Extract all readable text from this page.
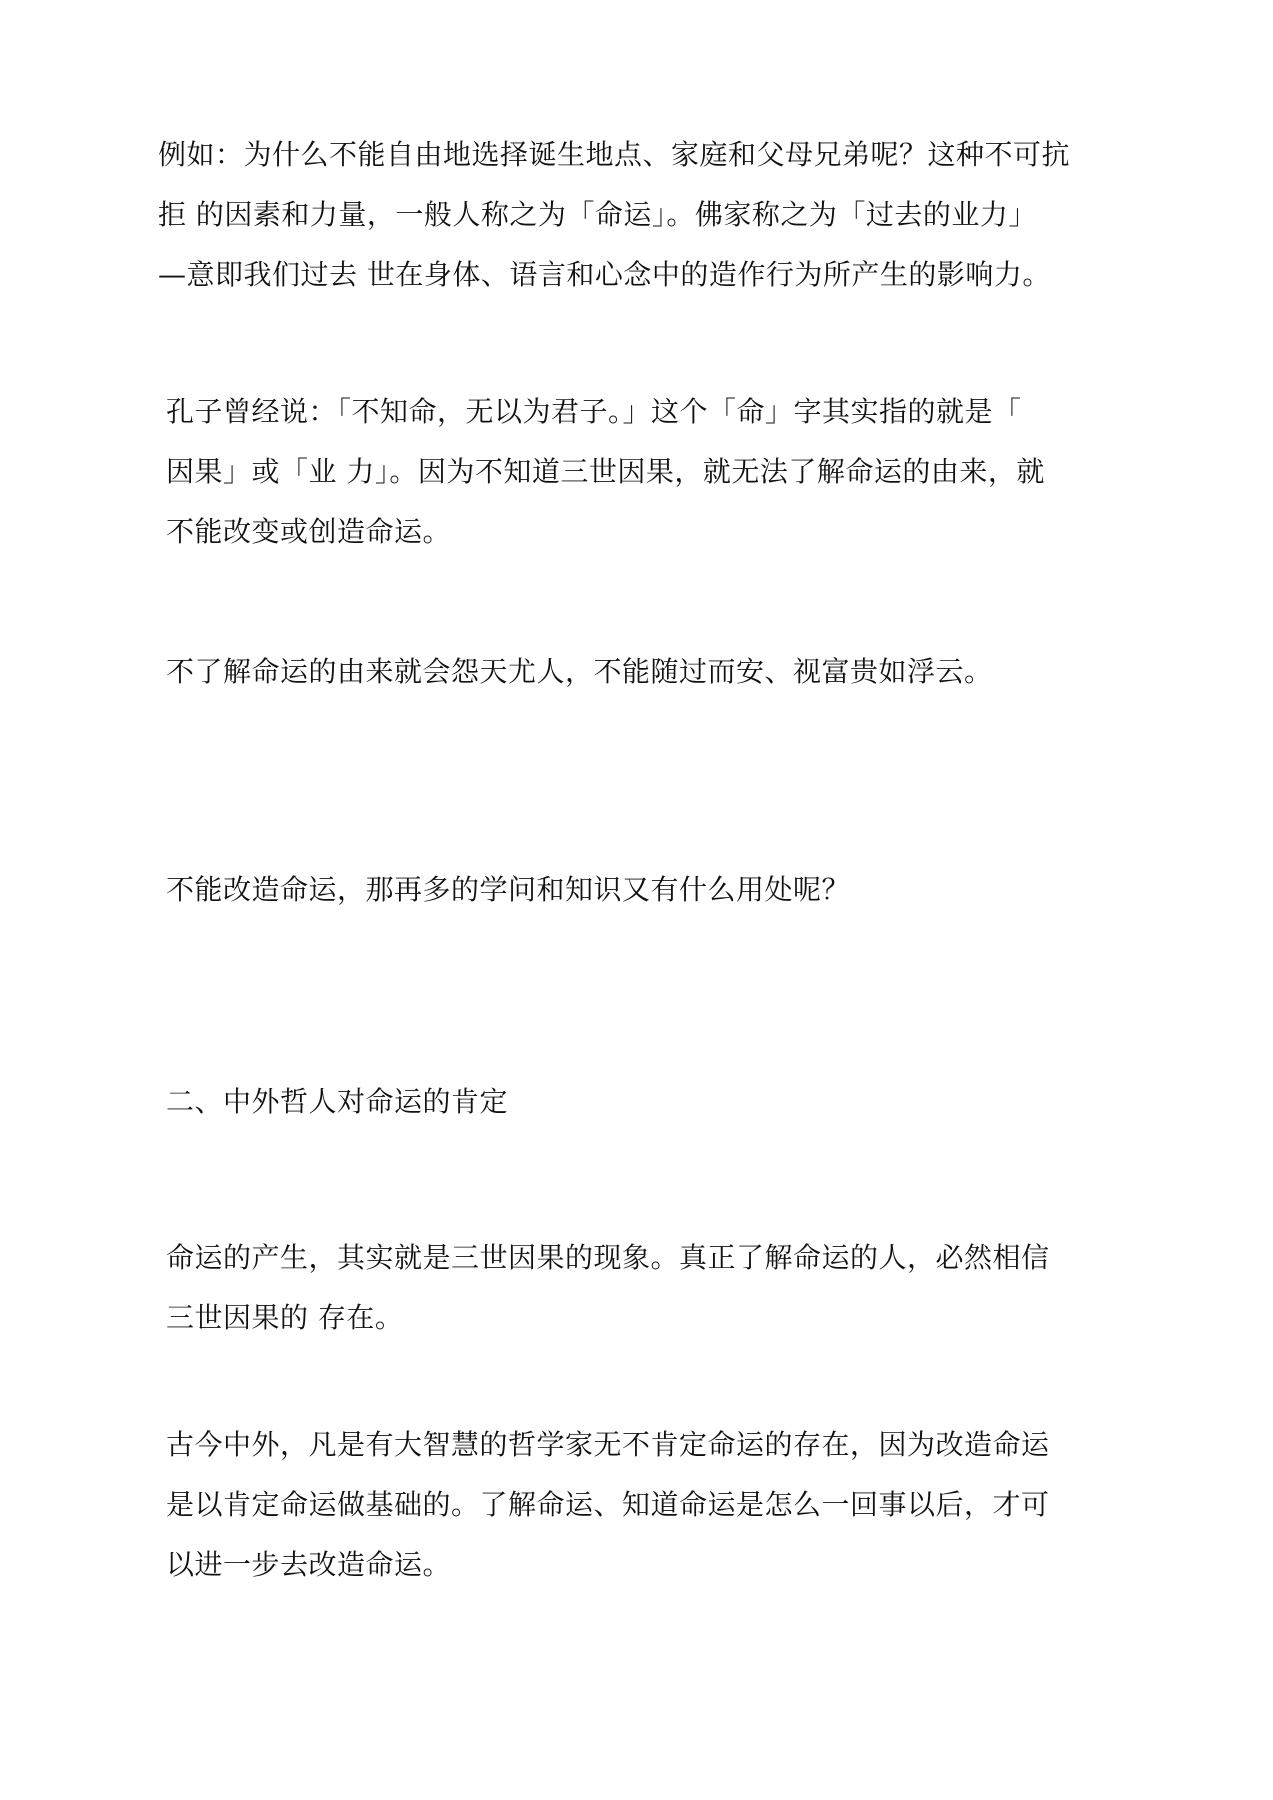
例如：为什么不能自由地选择诞生地点、家庭和父母兄弟呢？这种不可抗
拒 的因素和力量，一般人称之为「命运」。佛家称之为「过去的业力」
—意即我们过去 世在身体、语言和心念中的造作行为所产生的影响力。
孔子曾经说：「不知命，无以为君子。」这个「命」字其实指的就是「
因果」或「业 力」。因为不知道三世因果，就无法了解命运的由来，就
不能改变或创造命运。
不了解命运的由来就会怨天尤人，不能随过而安、视富贵如浮云。
不能改造命运，那再多的学问和知识又有什么用处呢？
二、中外哲人对命运的肯定
命运的产生，其实就是三世因果的现象。真正了解命运的人，必然相信
三世因果的 存在。
古今中外，凡是有大智慧的哲学家无不肯定命运的存在，因为改造命运
是以肯定命运做基础的。了解命运、知道命运是怎么一回事以后，才可
以进一步去改造命运。
